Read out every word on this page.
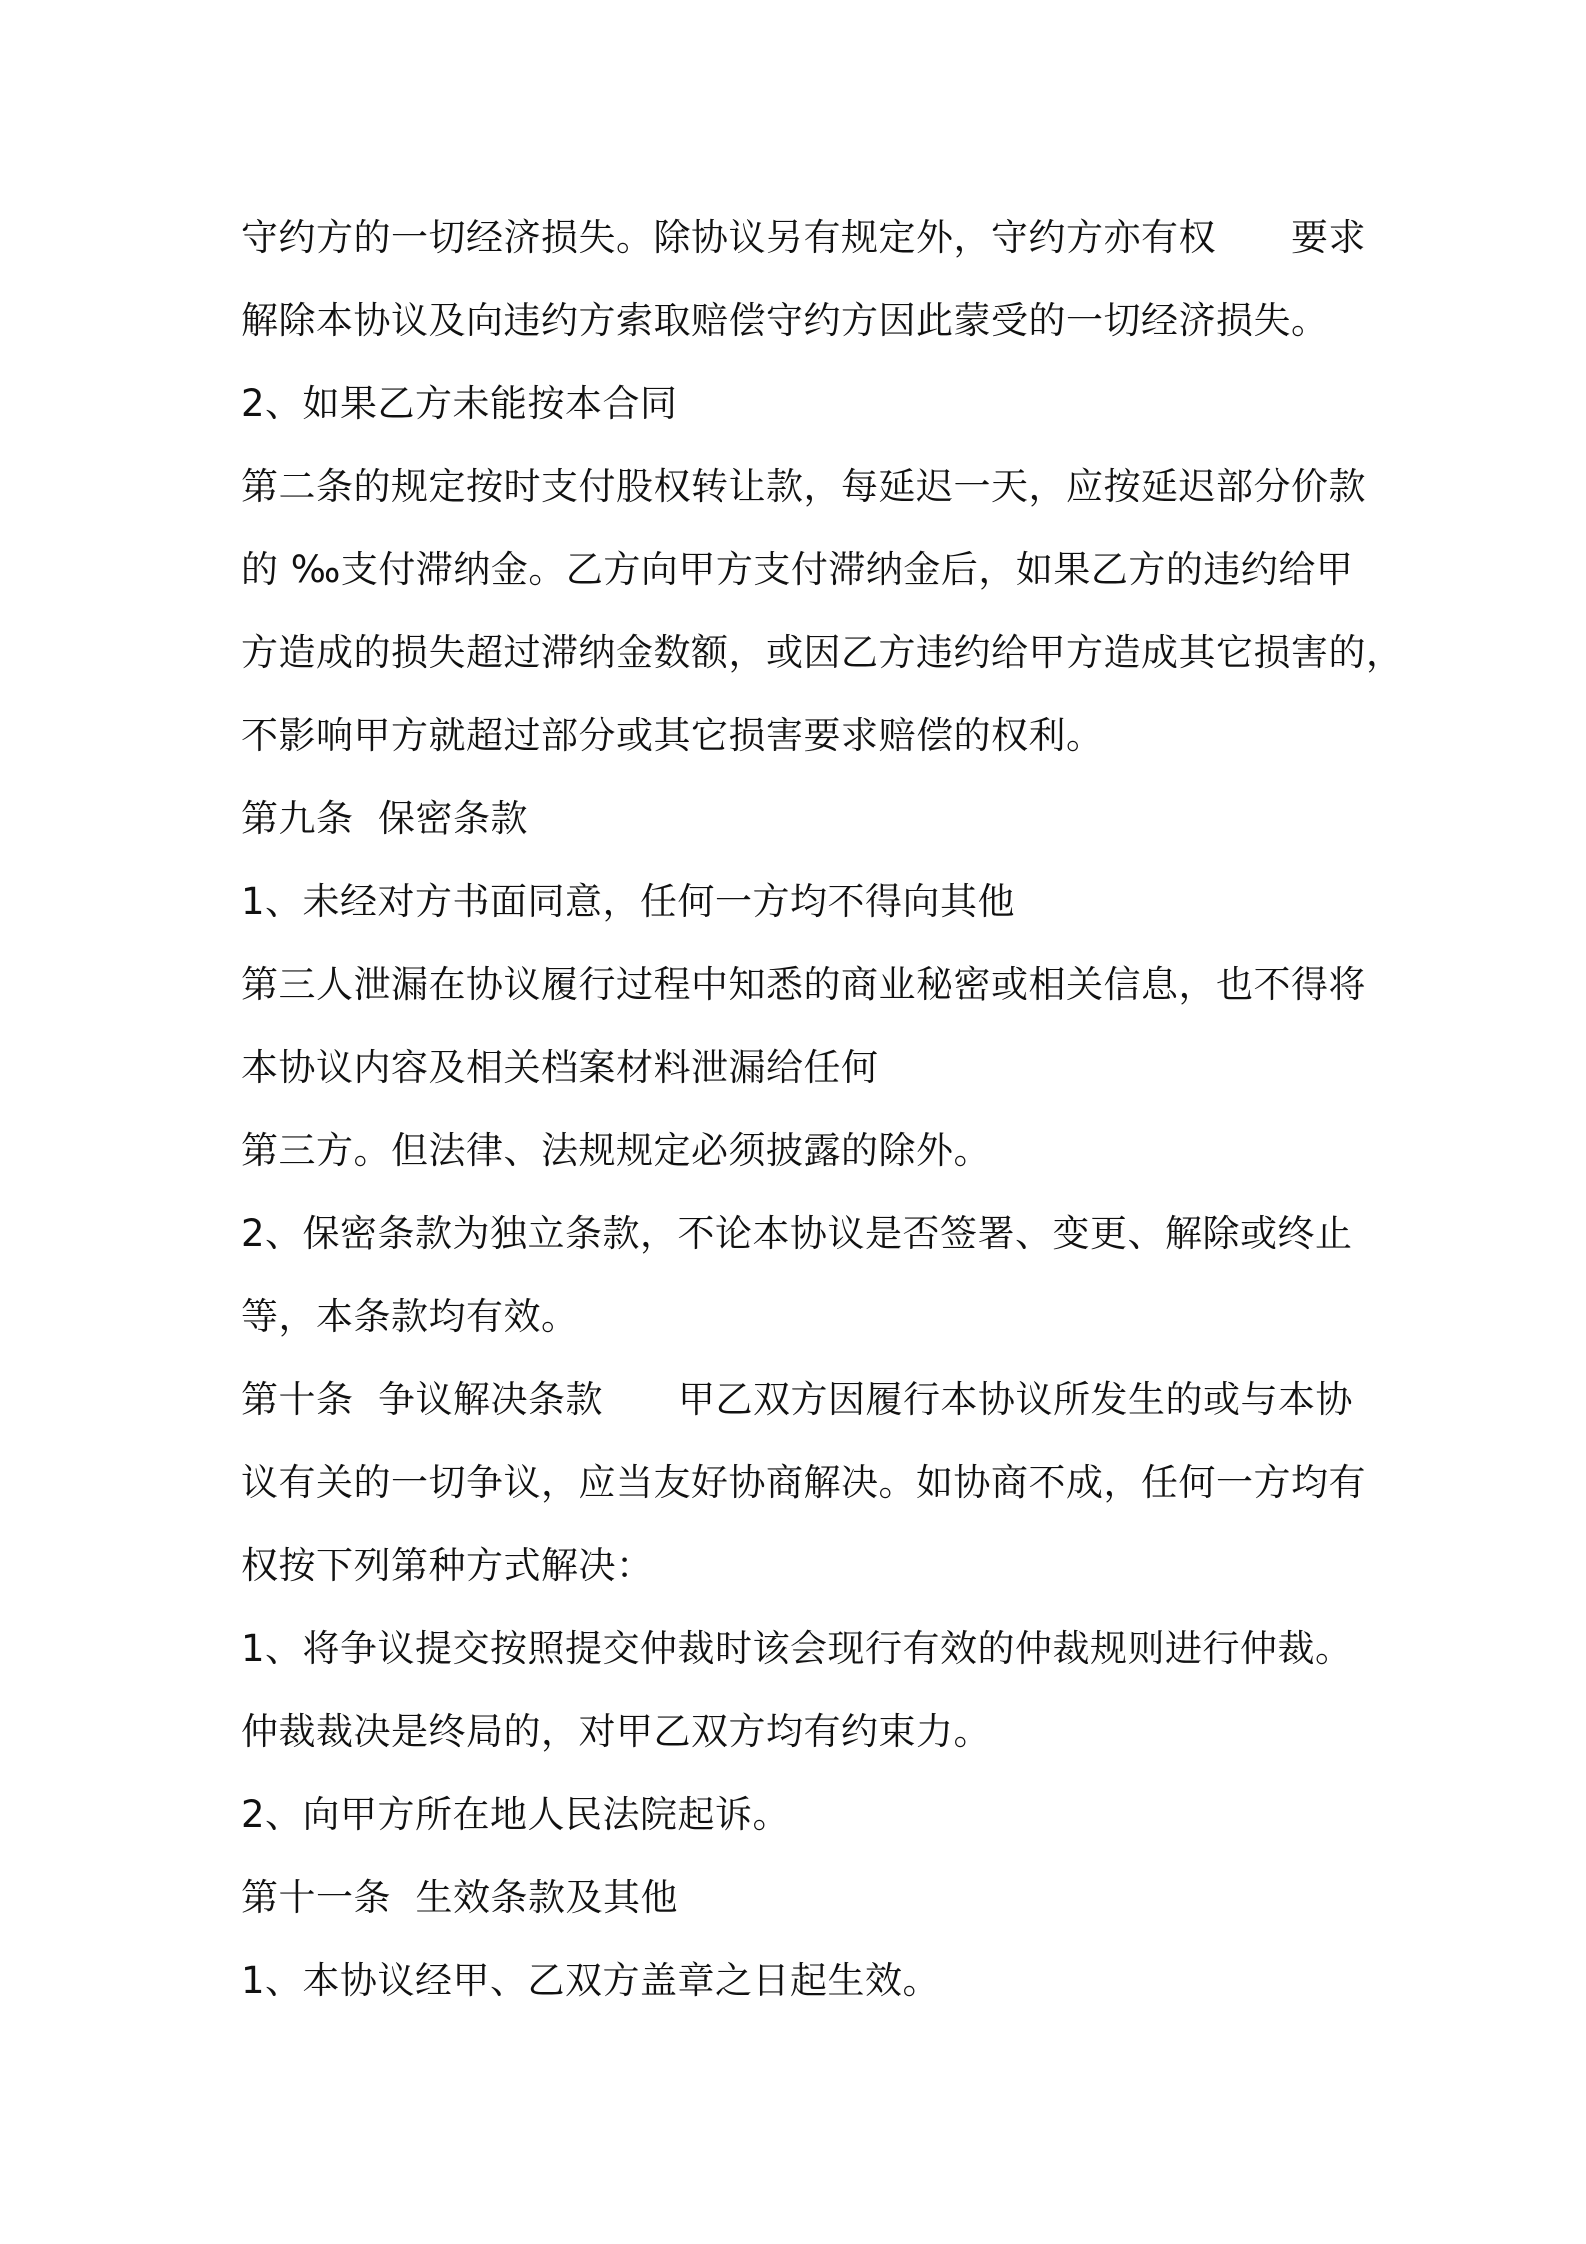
守约方的一切经济损失。除协议另有规定外，守约方亦有权　　要求
解除本协议及向违约方索取赔偿守约方因此蒙受的一切经济损失。
2、如果乙方未能按本合同
第二条的规定按时支付股权转让款，每延迟一天，应按延迟部分价款
的 ‰支付滞纳金。乙方向甲方支付滞纳金后，如果乙方的违约给甲
方造成的损失超过滞纳金数额，或因乙方违约给甲方造成其它损害的，
不影响甲方就超过部分或其它损害要求赔偿的权利。
第九条  保密条款
1、未经对方书面同意，任何一方均不得向其他
第三人泄漏在协议履行过程中知悉的商业秘密或相关信息，也不得将
本协议内容及相关档案材料泄漏给任何
第三方。但法律、法规规定必须披露的除外。
2、保密条款为独立条款，不论本协议是否签署、变更、解除或终止
等，本条款均有效。
第十条  争议解决条款　　甲乙双方因履行本协议所发生的或与本协
议有关的一切争议，应当友好协商解决。如协商不成，任何一方均有
权按下列第种方式解决：
1、将争议提交按照提交仲裁时该会现行有效的仲裁规则进行仲裁。
仲裁裁决是终局的，对甲乙双方均有约束力。
2、向甲方所在地人民法院起诉。
第十一条  生效条款及其他
1、本协议经甲、乙双方盖章之日起生效。
